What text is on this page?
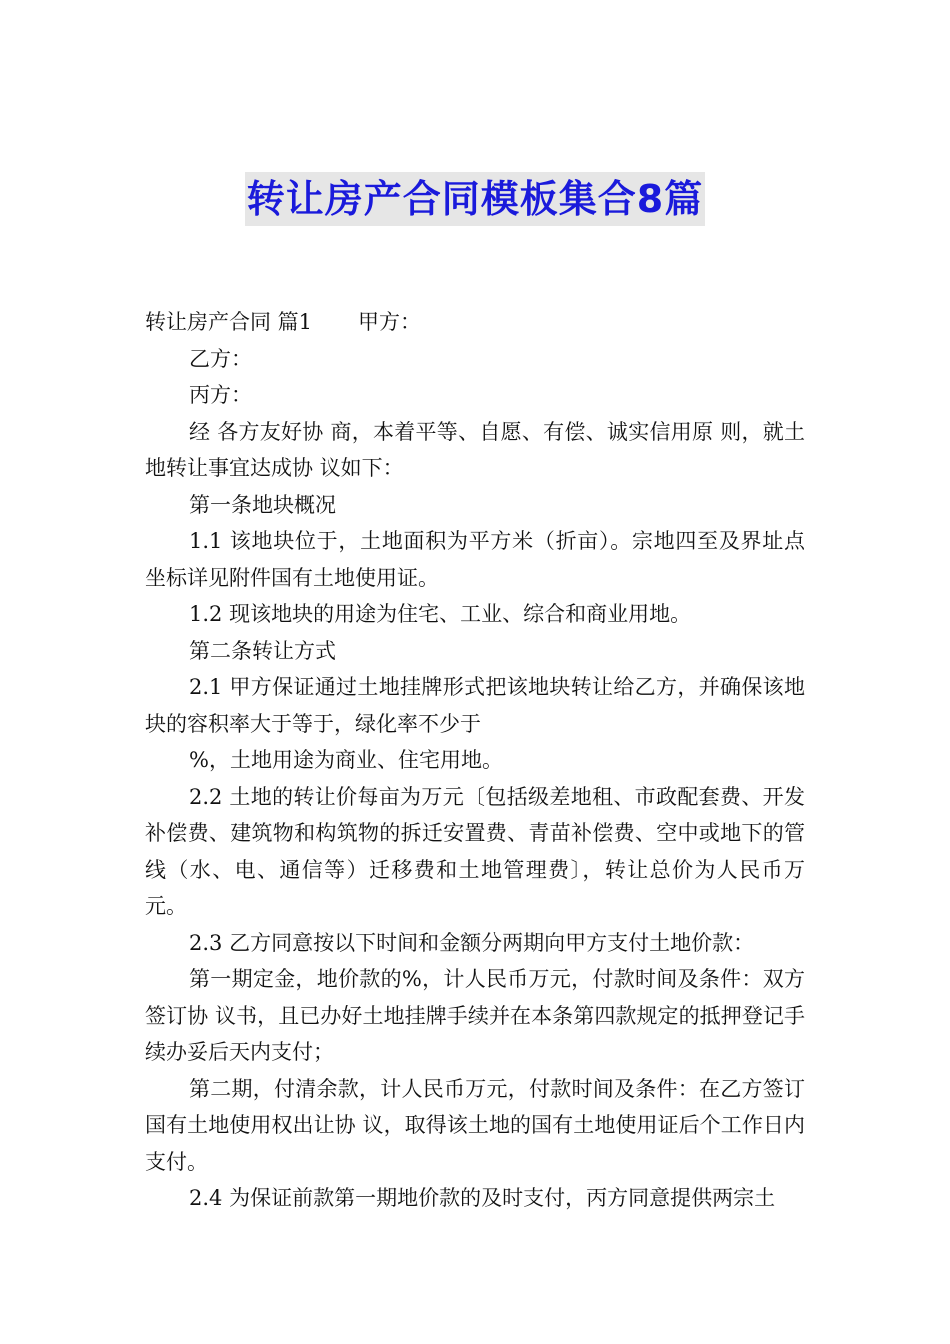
转让房产合同模板集合8篇

转让房产合同 篇1 甲方：

乙方：

丙方：

经 各方友好协 商，本着平等、自愿、有偿、诚实信用原 则，就土地转让事宜达成协 议如下：

第一条地块概况

1.1 该地块位于，土地面积为平方米（折亩）。宗地四至及界址点坐标详见附件国有土地使用证。

1.2 现该地块的用途为住宅、工业、综合和商业用地。

第二条转让方式

2.1 甲方保证通过土地挂牌形式把该地块转让给乙方，并确保该地块的容积率大于等于，绿化率不少于

%，土地用途为商业、住宅用地。

2.2 土地的转让价每亩为万元〔包括级差地租、市政配套费、开发补偿费、建筑物和构筑物的拆迁安置费、青苗补偿费、空中或地下的管线（水、电、通信等）迁移费和土地管理费〕，转让总价为人民币万元。

2.3 乙方同意按以下时间和金额分两期向甲方支付土地价款：

第一期定金，地价款的%，计人民币万元，付款时间及条件：双方签订协 议书，且已办好土地挂牌手续并在本条第四款规定的抵押登记手续办妥后天内支付；

第二期，付清余款，计人民币万元，付款时间及条件：在乙方签订国有土地使用权出让协 议，取得该土地的国有土地使用证后个工作日内支付。

2.4 为保证前款第一期地价款的及时支付，丙方同意提供两宗土
